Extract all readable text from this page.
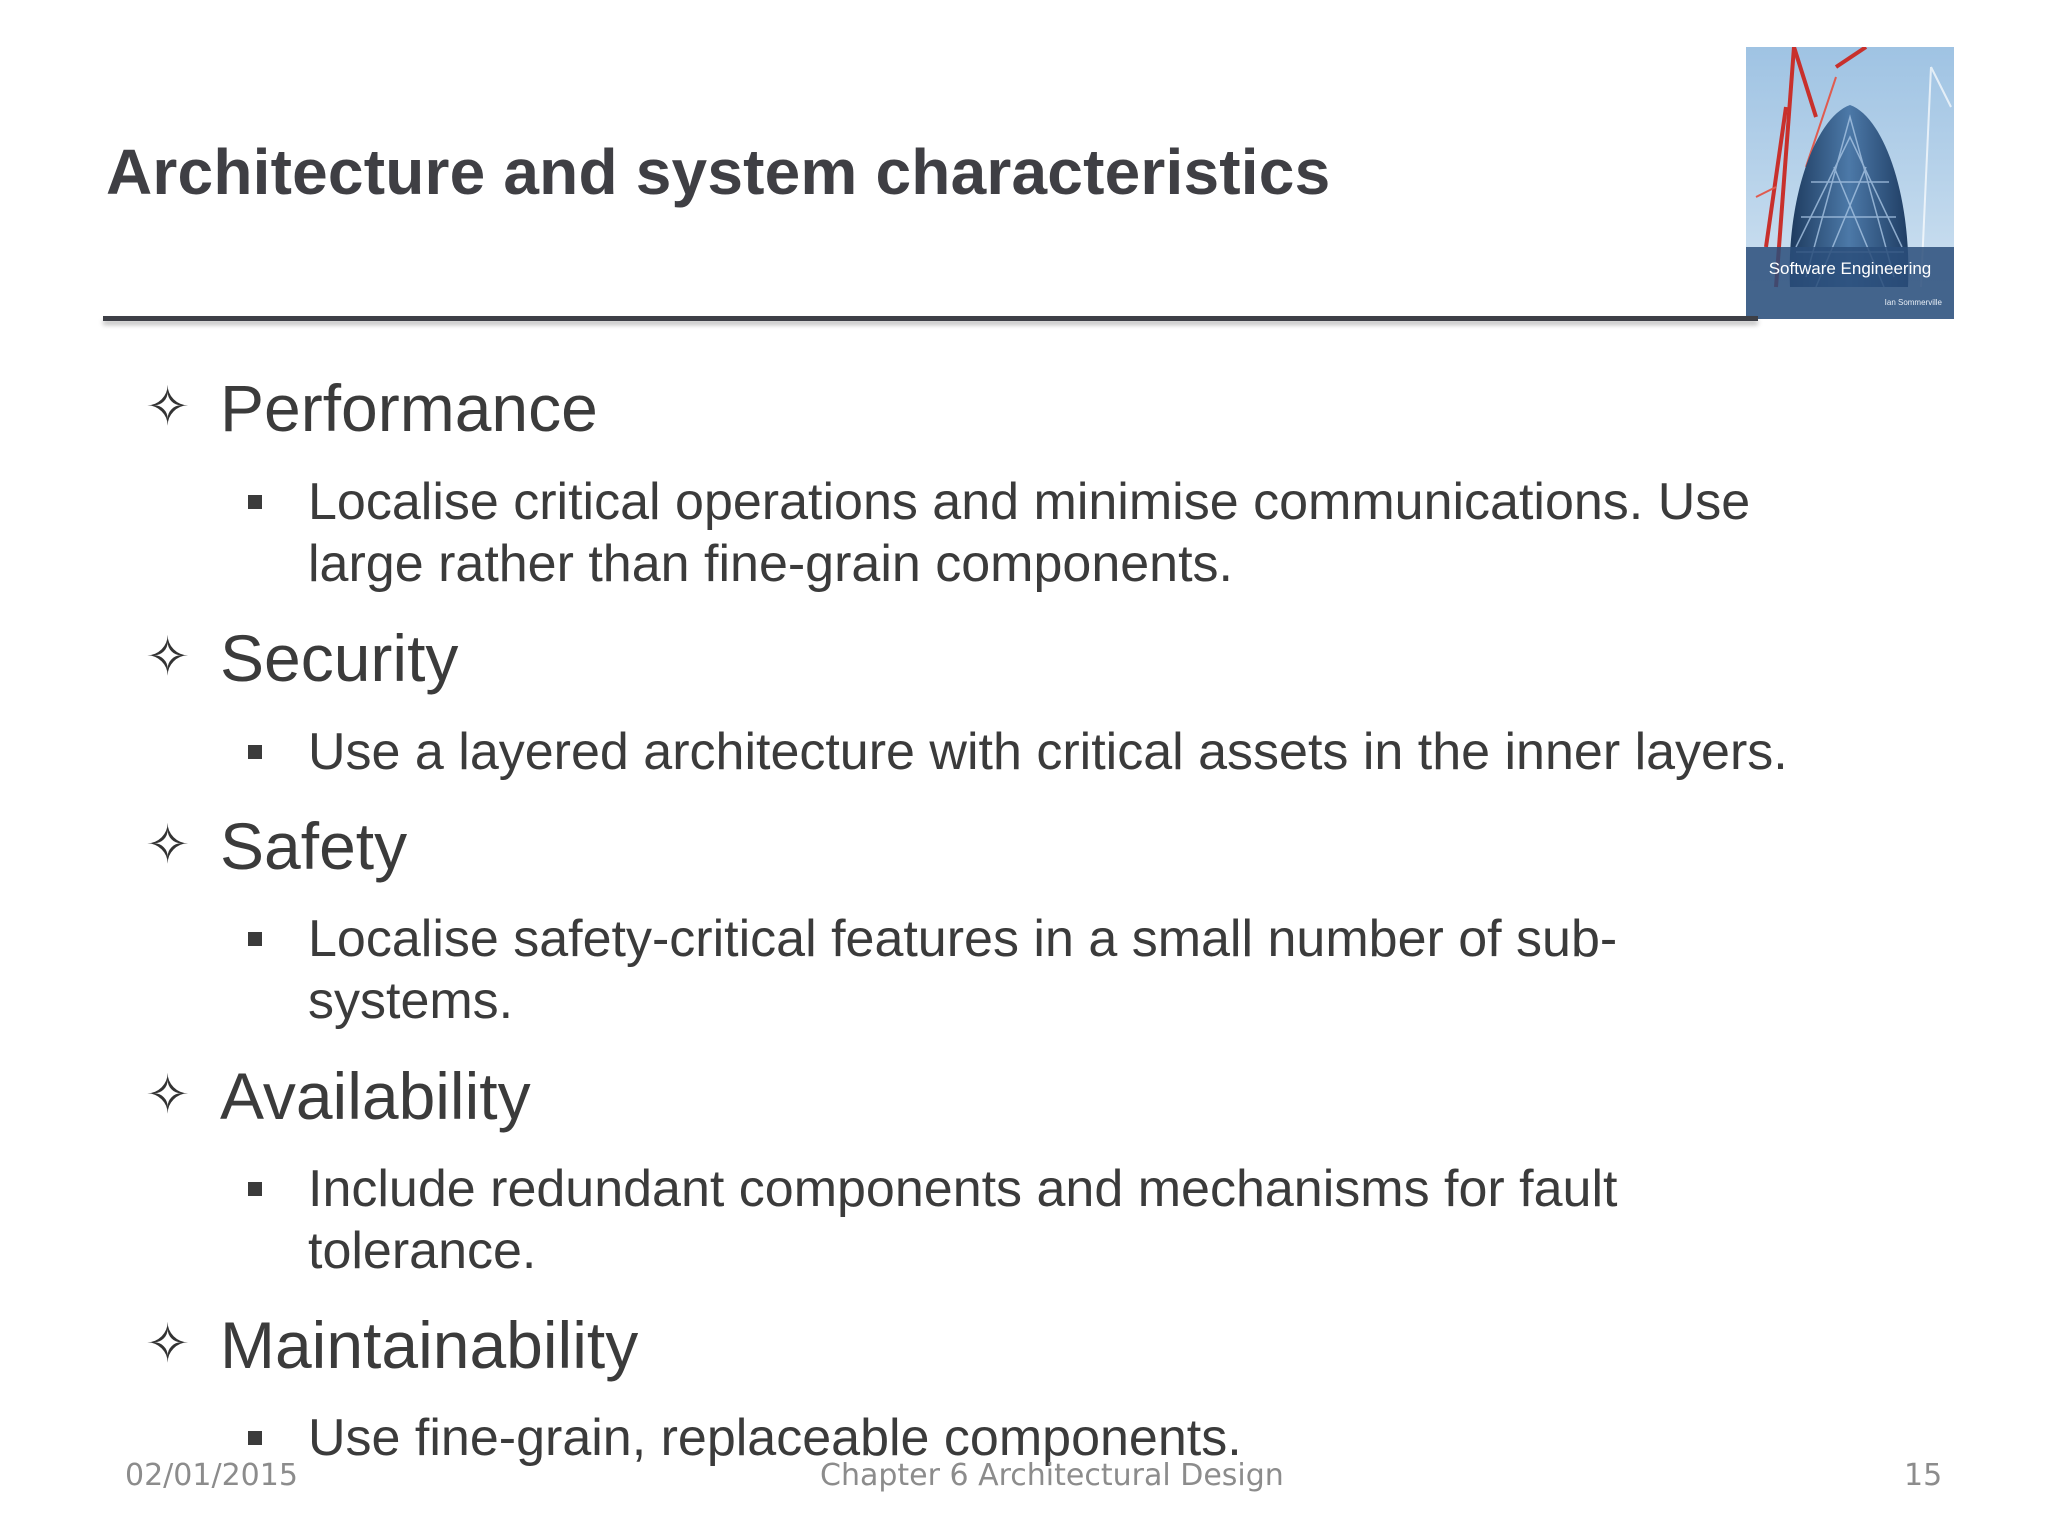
Architecture and system characteristics
Software Engineering
Ian Sommerville
✧ Performance
Localise critical operations and minimise communications. Use
large rather than fine-grain components.
✧ Security
Use a layered architecture with critical assets in the inner layers.
✧ Safety
Localise safety-critical features in a small number of sub-
systems.
✧ Availability
Include redundant components and mechanisms for fault
tolerance.
✧ Maintainability
Use fine-grain, replaceable components.
02/01/2015	Chapter 6 Architectural Design	15
